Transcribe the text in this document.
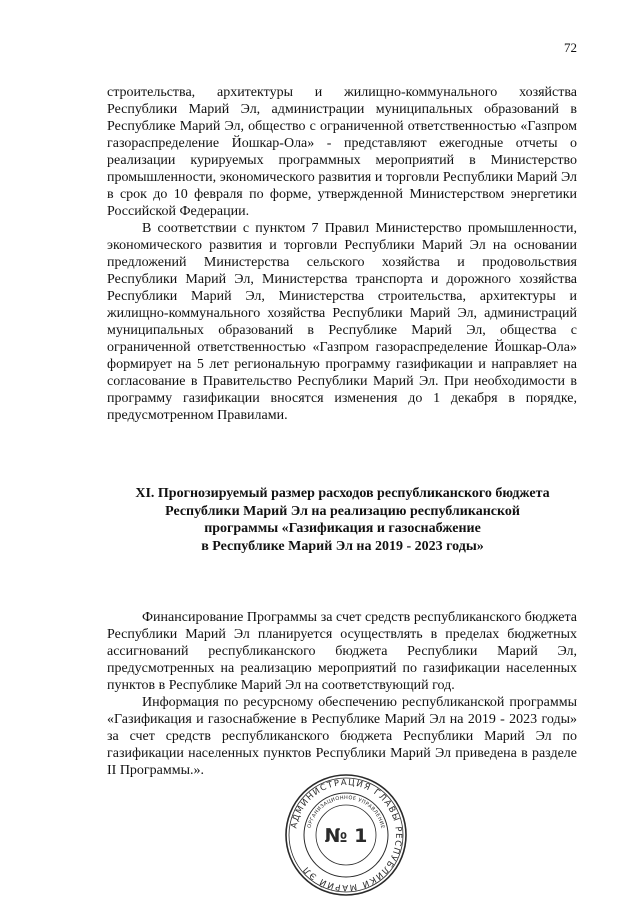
72

строительства, архитектуры и жилищно-коммунального хозяйства Республики Марий Эл, администрации муниципальных образований в Республике Марий Эл, общество с ограниченной ответственностью «Газпром газораспределение Йошкар-Ола» - представляют ежегодные отчеты о реализации курируемых программных мероприятий в Министерство промышленности, экономического развития и торговли Республики Марий Эл в срок до 10 февраля по форме, утвержденной Министерством энергетики Российской Федерации.

В соответствии с пунктом 7 Правил Министерство промышленности, экономического развития и торговли Республики Марий Эл на основании предложений Министерства сельского хозяйства и продовольствия Республики Марий Эл, Министерства транспорта и дорожного хозяйства Республики Марий Эл, Министерства строительства, архитектуры и жилищно-коммунального хозяйства Республики Марий Эл, администраций муниципальных образований в Республике Марий Эл, общества с ограниченной ответственностью «Газпром газораспределение Йошкар-Ола» формирует на 5 лет региональную программу газификации и направляет на согласование в Правительство Республики Марий Эл. При необходимости в программу газификации вносятся изменения до 1 декабря в порядке, предусмотренном Правилами.

XI. Прогнозируемый размер расходов республиканского бюджета
Республики Марий Эл на реализацию республиканской
программы «Газификация и газоснабжение
в Республике Марий Эл на 2019 - 2023 годы»

Финансирование Программы за счет средств республиканского бюджета Республики Марий Эл планируется осуществлять в пределах бюджетных ассигнований республиканского бюджета Республики Марий Эл, предусмотренных на реализацию мероприятий по газификации населенных пунктов в Республике Марий Эл на соответствующий год.

Информация по ресурсному обеспечению республиканской программы «Газификация и газоснабжение в Республике Марий Эл на 2019 - 2023 годы» за счет средств республиканского бюджета Республики Марий Эл по газификации населенных пунктов Республики Марий Эл приведена в разделе II Программы.».

АДМИНИСТРАЦИЯ ГЛАВЫ РЕСПУБЛИКИ МАРИЙ ЭЛ
ОРГАНИЗАЦИОННОЕ УПРАВЛЕНИЕ
№ 1
